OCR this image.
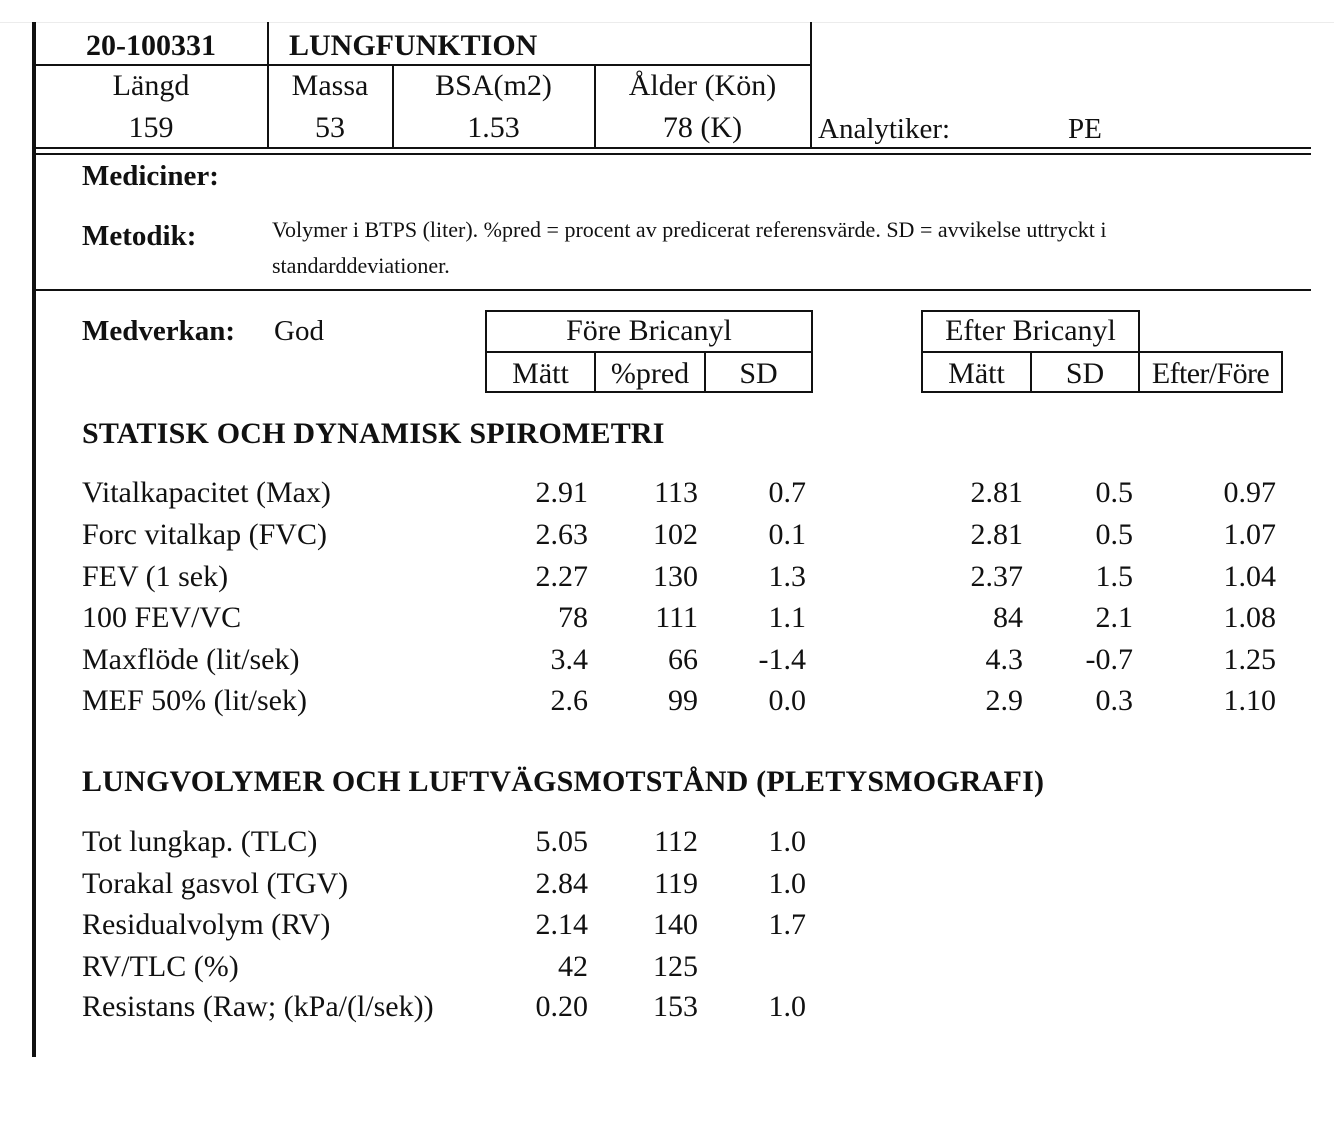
20-100331	LUNGFUNKTION
Längd	Massa	BSA(m2)	Ålder (Kön)
159	53	1.53	78 (K)	Analytiker:	PE
Mediciner:
Metodik:	Volymer i BTPS (liter). %pred = procent av predicerat referensvärde. SD = avvikelse uttryckt i
standarddeviationer.
Medverkan: God	Före Bricanyl
Mätt	%pred	SD
Efter Bricanyl
Mätt	SD	Efter/Före
STATISK OCH DYNAMISK SPIROMETRI
Vitalkapacitet (Max)	2.91	113	0.7	2.81	0.5	0.97
Forc vitalkap (FVC)	2.63	102	0.1	2.81	0.5	1.07
FEV (1 sek)	2.27	130	1.3	2.37	1.5	1.04
100 FEV/VC	78	111	1.1	84	2.1	1.08
Maxflöde (lit/sek)	3.4	66	-1.4	4.3	-0.7	1.25
MEF 50% (lit/sek)	2.6	99	0.0	2.9	0.3	1.10
LUNGVOLYMER OCH LUFTVÄGSMOTSTÅND (PLETYSMOGRAFI)
Tot lungkap. (TLC)	5.05	112	1.0
Torakal gasvol (TGV)	2.84	119	1.0
Residualvolym (RV)	2.14	140	1.7
RV/TLC (%)	42	125
Resistans (Raw; (kPa/(l/sek))	0.20	153	1.0
